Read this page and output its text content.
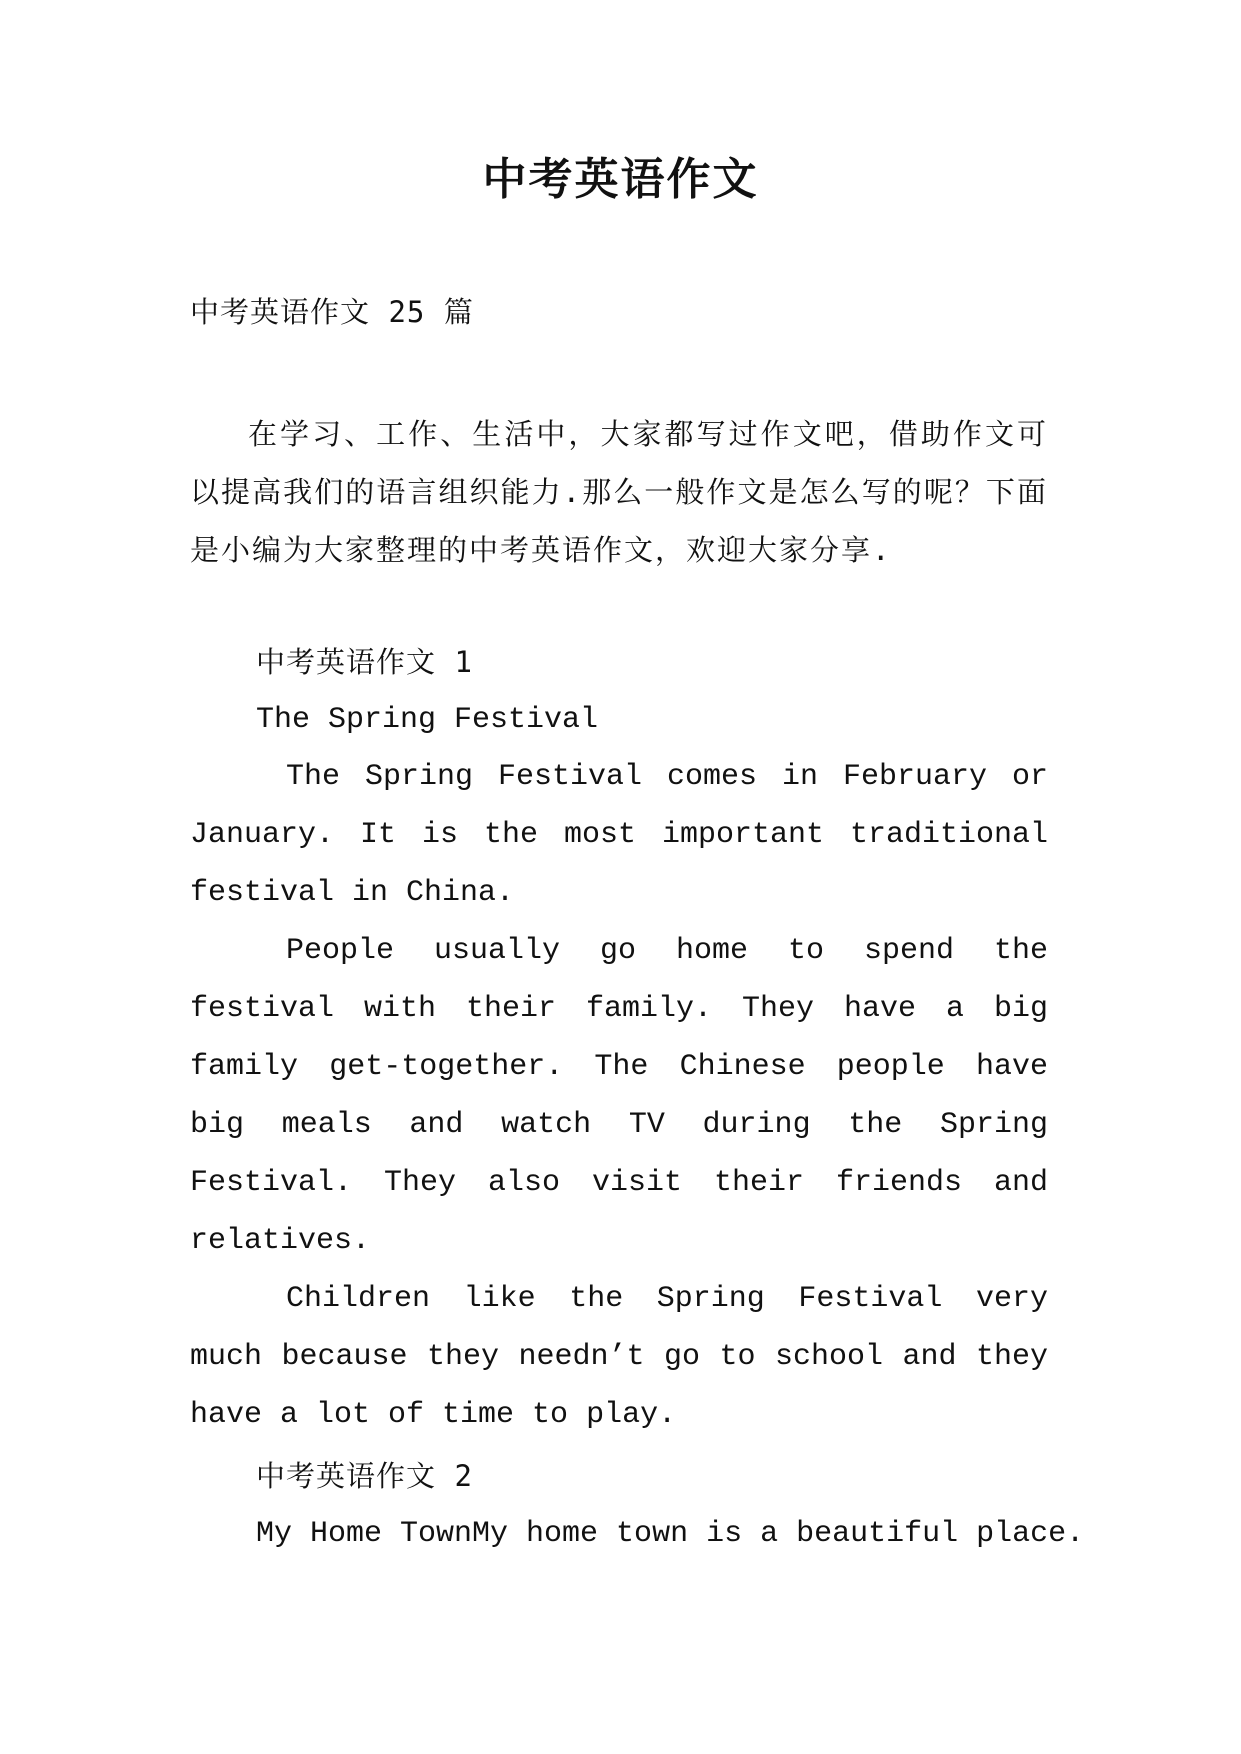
中考英语作文
中考英语作文 25 篇
在学习、工作、生活中，大家都写过作文吧，借助作文可以提高我们的语言组织能力.那么一般作文是怎么写的呢？下面是小编为大家整理的中考英语作文，欢迎大家分享.
中考英语作文 1
The Spring Festival

The Spring Festival comes in February or January. It is the most important traditional festival in China.

People usually go home to spend the festival with their family. They have a big family get-together. The Chinese people have big meals and watch TV during the Spring Festival. They also visit their friends and relatives.

Children like the Spring Festival very much because they needn’t go to school and they have a lot of time to play.

中考英语作文 2
My Home TownMy home town is a beautiful place.
